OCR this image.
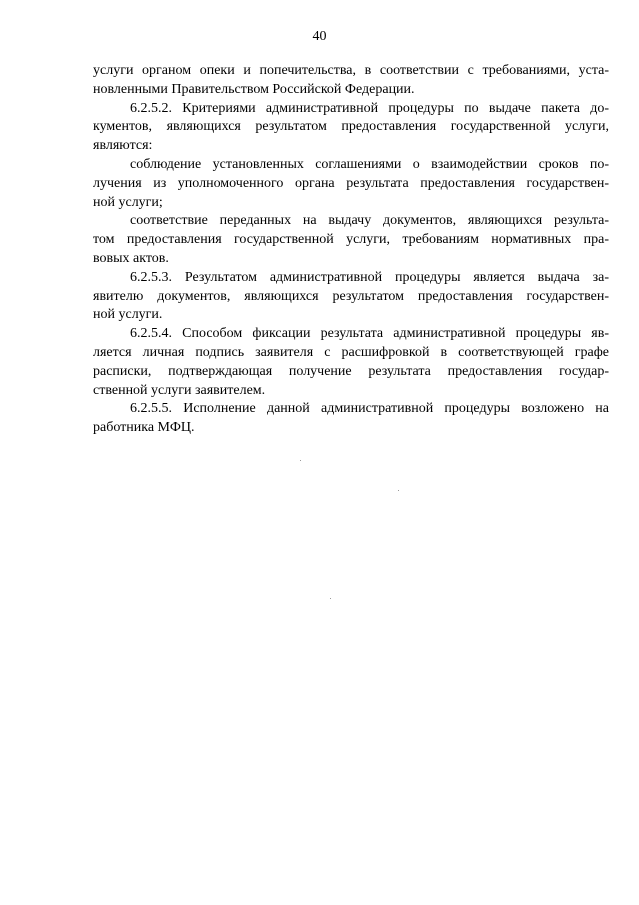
40
услуги органом опеки и попечительства, в соответствии с требованиями, уста-
новленными Правительством Российской Федерации.
6.2.5.2. Критериями административной процедуры по выдаче пакета до-
кументов, являющихся результатом предоставления государственной услуги,
являются:
соблюдение установленных соглашениями о взаимодействии сроков по-
лучения из уполномоченного органа результата предоставления государствен-
ной услуги;
соответствие переданных на выдачу документов, являющихся результа-
том предоставления государственной услуги, требованиям нормативных пра-
вовых актов.
6.2.5.3. Результатом административной процедуры является выдача за-
явителю документов, являющихся результатом предоставления государствен-
ной услуги.
6.2.5.4. Способом фиксации результата административной процедуры яв-
ляется личная подпись заявителя с расшифровкой в соответствующей графе
расписки, подтверждающая получение результата предоставления государ-
ственной услуги заявителем.
6.2.5.5. Исполнение данной административной процедуры возложено на
работника МФЦ.
